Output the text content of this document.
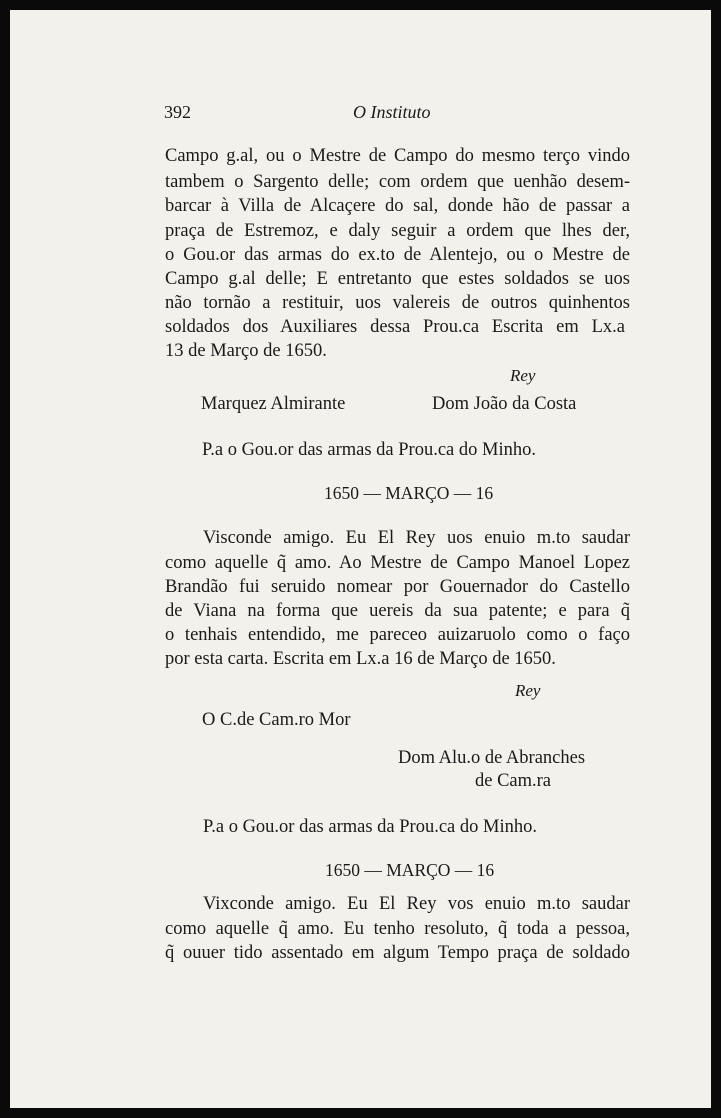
392	O Instituto
Campo g.al, ou o Mestre de Campo do mesmo terço vindo
tambem o Sargento delle; com ordem que uenhão desem-
barcar à Villa de Alcaçere do sal, donde hão de passar a
praça de Estremoz, e daly seguir a ordem que lhes der,
o Gou.or das armas do ex.to de Alentejo, ou o Mestre de
Campo g.al delle; E entretanto que estes soldados se uos
não tornão a restituir, uos valereis de outros quinhentos
soldados dos Auxiliares dessa Prou.ca Escrita em Lx.a
13 de Março de 1650.
Rey
Marquez Almirante	Dom João da Costa
P.a o Gou.or das armas da Prou.ca do Minho.
1650 — MARÇO — 16
Visconde amigo. Eu El Rey uos enuio m.to saudar
como aquelle q̃ amo. Ao Mestre de Campo Manoel Lopez
Brandão fui seruido nomear por Gouernador do Castello
de Viana na forma que uereis da sua patente; e para q̃
o tenhais entendido, me pareceo auizaruolo como o faço
por esta carta. Escrita em Lx.a 16 de Março de 1650.
Rey
O C.de Cam.ro Mor
Dom Alu.o de Abranches
de Cam.ra
P.a o Gou.or das armas da Prou.ca do Minho.
1650 — MARÇO — 16
Vixconde amigo. Eu El Rey vos enuio m.to saudar
como aquelle q̃ amo. Eu tenho resoluto, q̃ toda a pessoa,
q̃ ouuer tido assentado em algum Tempo praça de soldado
